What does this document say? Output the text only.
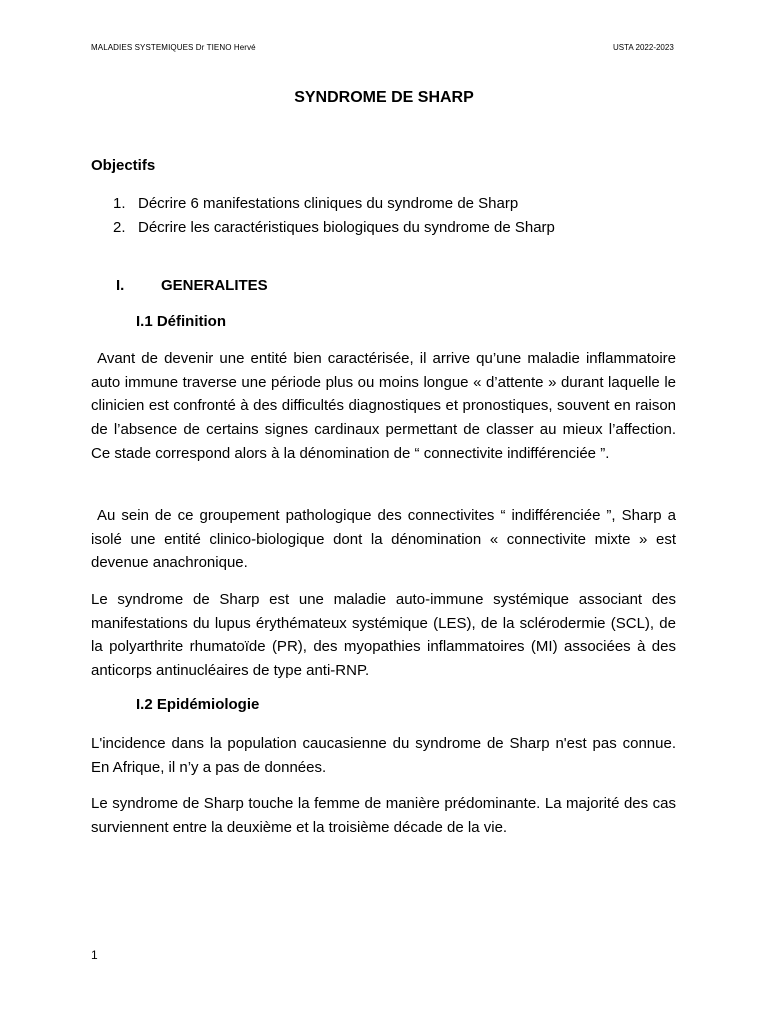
MALADIES SYSTEMIQUES Dr TIENO Hervé	USTA 2022-2023
SYNDROME DE SHARP
Objectifs
1. Décrire 6 manifestations cliniques du syndrome de Sharp
2. Décrire les caractéristiques biologiques du syndrome de Sharp
I. GENERALITES
I.1 Définition

Avant de devenir une entité bien caractérisée, il arrive qu’une maladie inflammatoire auto immune traverse une période plus ou moins longue « d’attente » durant laquelle le clinicien est confronté à des difficultés diagnostiques et pronostiques, souvent en raison de l’absence de certains signes cardinaux permettant de classer au mieux l’affection. Ce stade correspond alors à la dénomination de “ connectivite indifférenciée ”.

Au sein de ce groupement pathologique des connectivites “ indifférenciée ”, Sharp a isolé une entité clinico-biologique dont la dénomination « connectivite mixte » est devenue anachronique.

Le syndrome de Sharp est une maladie auto-immune systémique associant des manifestations du lupus érythémateux systémique (LES), de la sclérodermie (SCL), de la polyarthrite rhumatoïde (PR), des myopathies inflammatoires (MI) associées à des anticorps antinucléaires de type anti-RNP.

I.2 Epidémiologie

L'incidence dans la population caucasienne du syndrome de Sharp n'est pas connue. En Afrique, il n’y a pas de données.

Le syndrome de Sharp touche la femme de manière prédominante. La majorité des cas surviennent entre la deuxième et la troisième décade de la vie.

1
